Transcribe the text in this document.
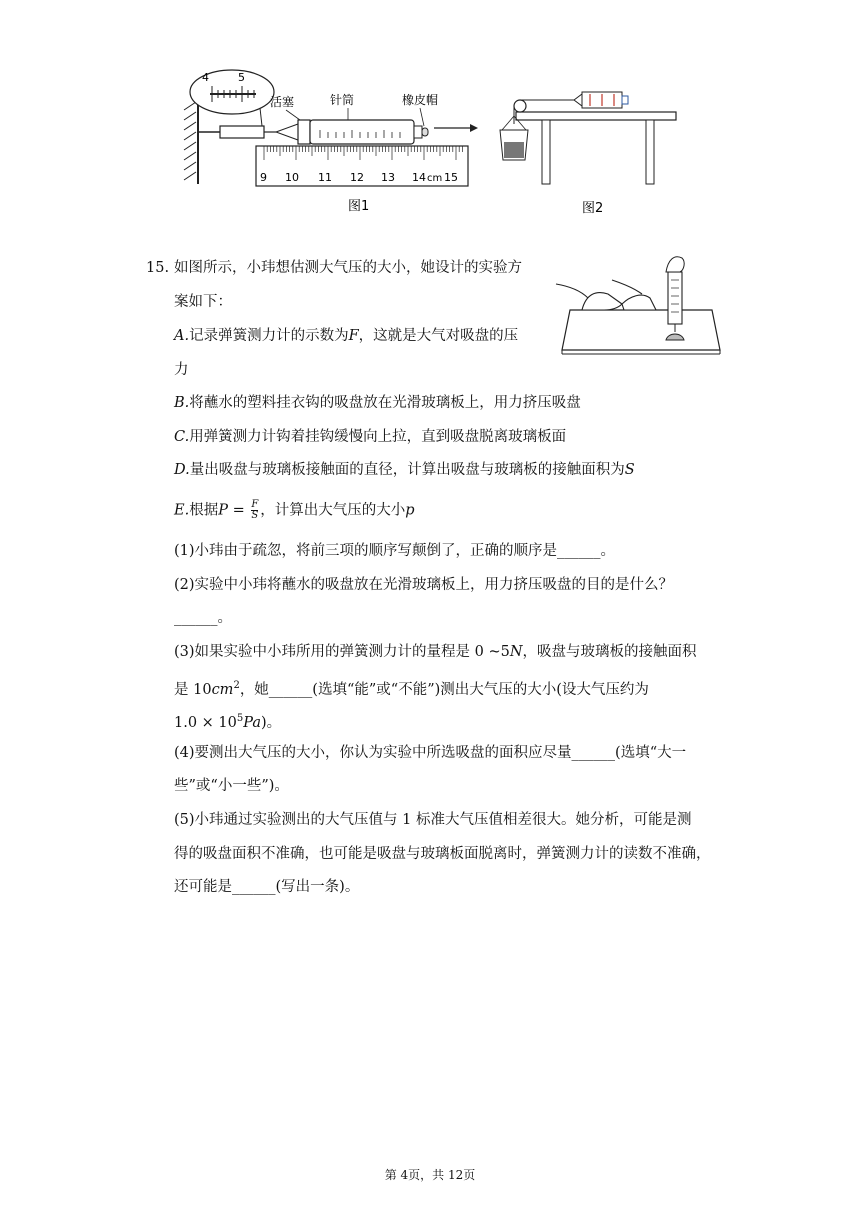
4	5
活塞	针筒	橡皮帽
9 10 11 12 13 14 cm 15
图1	图2
15. 如图所示，小玮想估测大气压的大小，她设计的实验方
案如下：
A.记录弹簧测力计的示数为F，这就是大气对吸盘的压
力
B.将蘸水的塑料挂衣钩的吸盘放在光滑玻璃板上，用力挤压吸盘
C.用弹簧测力计钩着挂钩缓慢向上拉，直到吸盘脱离玻璃板面
D.量出吸盘与玻璃板接触面的直径，计算出吸盘与玻璃板的接触面积为S
E.根据$P = \frac{F}{S}$ ，计算出大气压的大小p
(1)小玮由于疏忽，将前三项的顺序写颠倒了，正确的顺序是______。
(2)实验中小玮将蘸水的吸盘放在光滑玻璃板上，用力挤压吸盘的目的是什么？
______。
(3)如果实验中小玮所用的弹簧测力计的量程是 0 ~5N，吸盘与玻璃板的接触面积
是 $10cm^2$，她______(选填“能”或“不能”)测出大气压的大小(设大气压约为
$1.0 \times 10^5Pa$)。
(4)要测出大气压的大小，你认为实验中所选吸盘的面积应尽量______(选填“大一
些”或“小一些”)。
(5)小玮通过实验测出的大气压值与 1 标准大气压值相差很大。她分析，可能是测
得的吸盘面积不准确，也可能是吸盘与玻璃板面脱离时，弹簧测力计的读数不准确，
还可能是______(写出一条)。
第 4页，共 12页
